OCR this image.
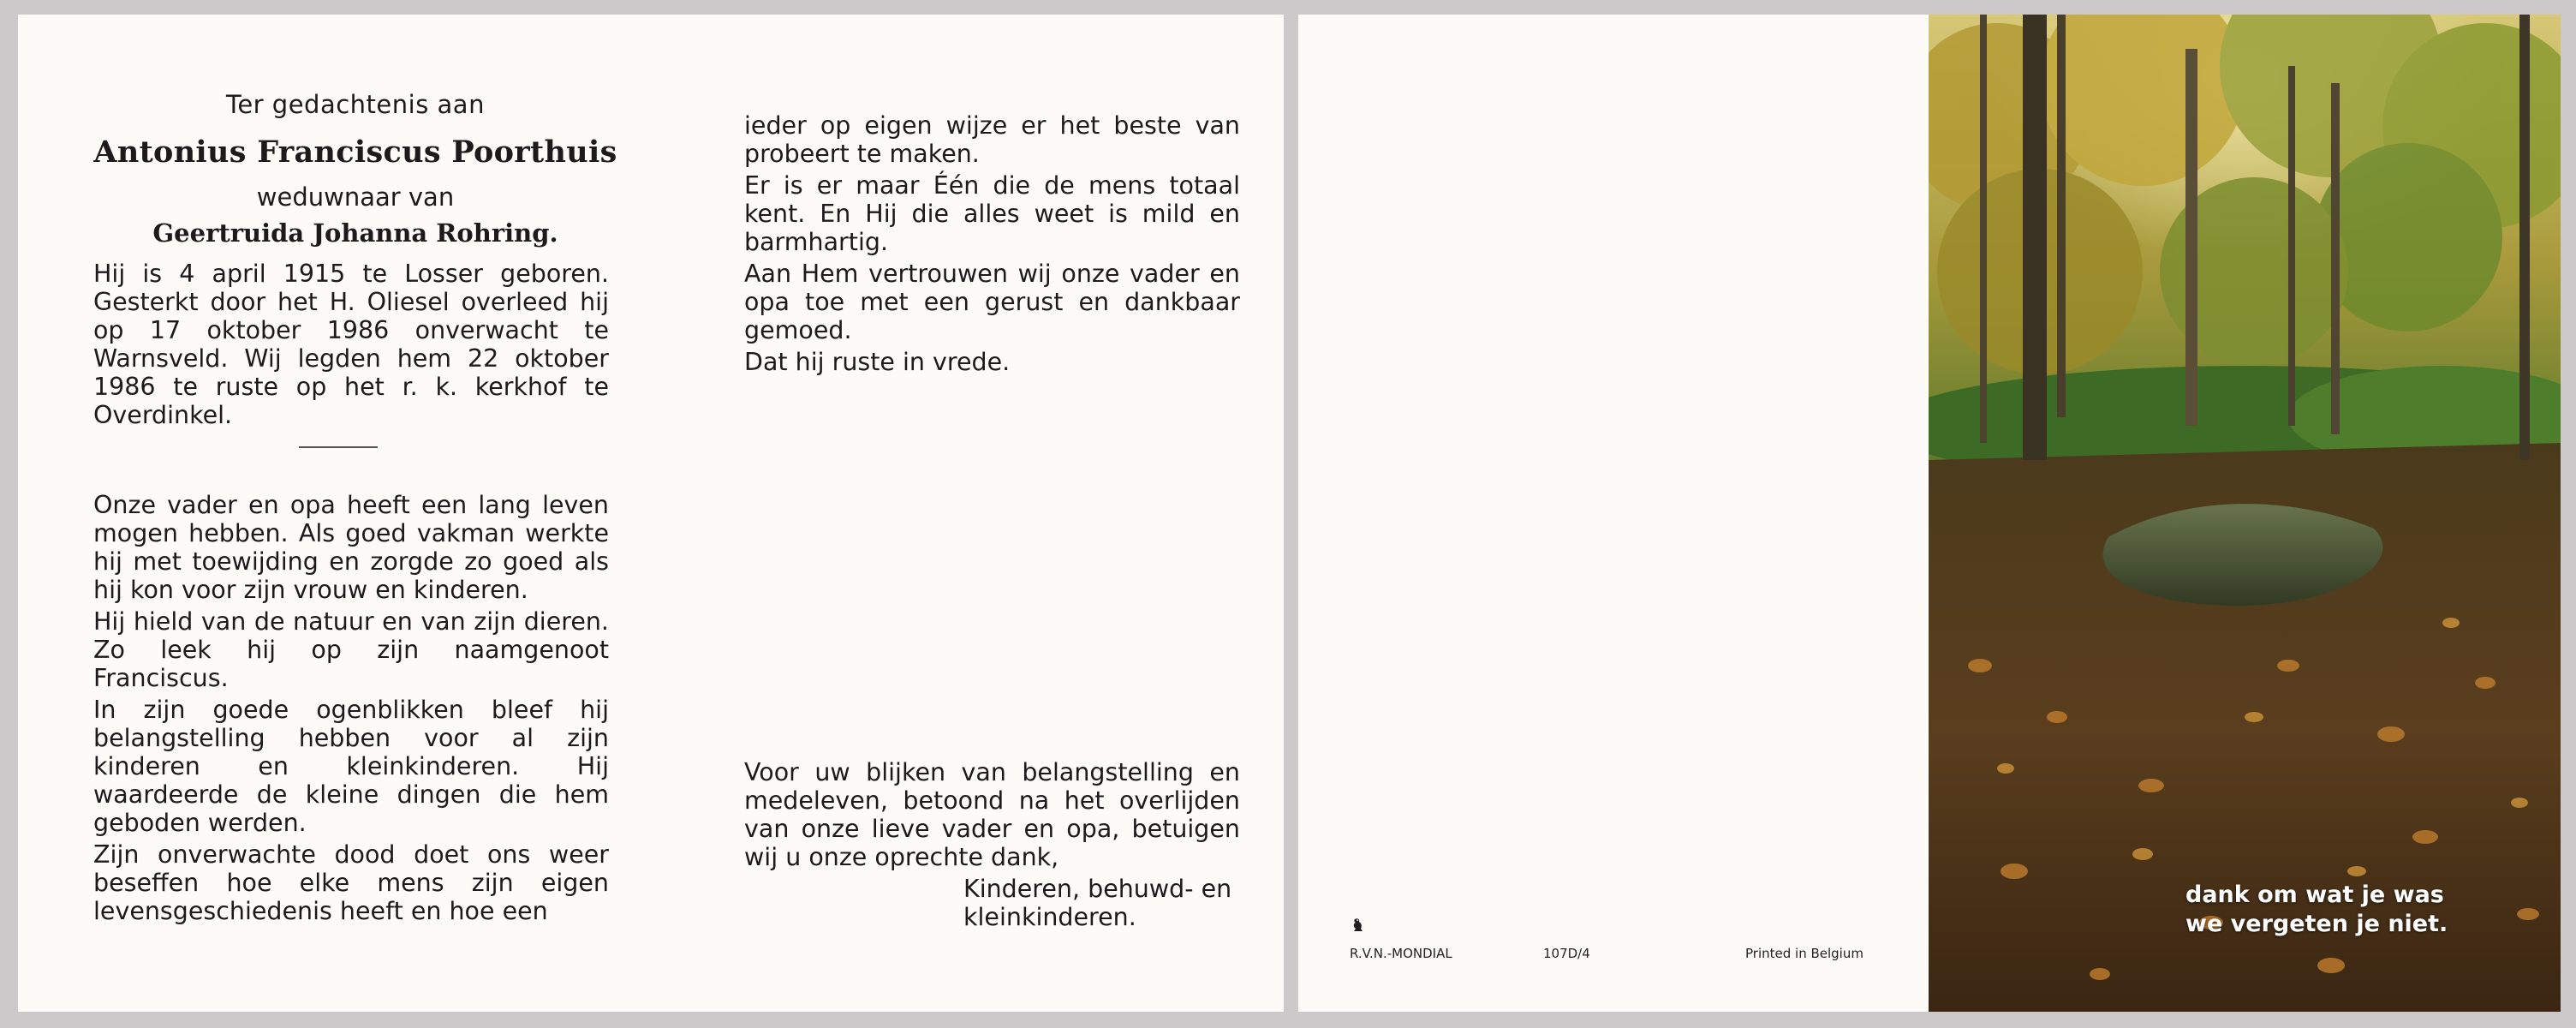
Ter gedachtenis aan
Antonius Franciscus Poorthuis
weduwnaar van
Geertruida Johanna Rohring.

Hij is 4 april 1915 te Losser geboren. Gesterkt door het H. Oliesel overleed hij op 17 oktober 1986 onverwacht te Warnsveld. Wij legden hem 22 oktober 1986 te ruste op het r. k. kerkhof te Overdinkel.

Onze vader en opa heeft een lang leven mogen hebben. Als goed vakman werkte hij met toewijding en zorgde zo goed als hij kon voor zijn vrouw en kinderen.

Hij hield van de natuur en van zijn dieren. Zo leek hij op zijn naamgenoot Franciscus.

In zijn goede ogenblikken bleef hij belangstelling hebben voor al zijn kinderen en kleinkinderen. Hij waardeerde de kleine dingen die hem geboden werden.

Zijn onverwachte dood doet ons weer beseffen hoe elke mens zijn eigen levensgeschiedenis heeft en hoe een

ieder op eigen wijze er het beste van probeert te maken.

Er is er maar Één die de mens totaal kent. En Hij die alles weet is mild en barmhartig.

Aan Hem vertrouwen wij onze vader en opa toe met een gerust en dankbaar gemoed.

Dat hij ruste in vrede.

Voor uw blijken van belangstelling en medeleven, betoond na het overlijden van onze lieve vader en opa, betuigen wij u onze oprechte dank,

Kinderen, behuwd- en kleinkinderen.
R.V.N.-MONDIAL	107D/4	Printed in Belgium
dank om wat je was
we vergeten je niet.
